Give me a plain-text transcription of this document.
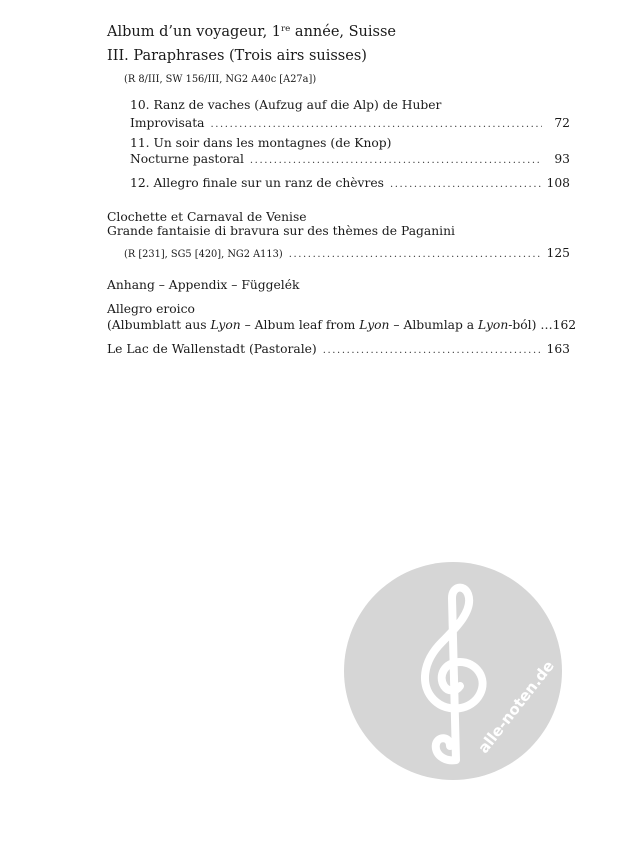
Album d’un voyageur, 1re année, Suisse
III. Paraphrases (Trois airs suisses)
(R 8/III, SW 156/III, NG2 A40c [A27a])
10. Ranz de vaches (Aufzug auf die Alp) de Huber
Improvisata .....	72
11. Un soir dans les montagnes (de Knop)
Nocturne pastoral .....	93
12. Allegro finale sur un ranz de chèvres .....	108
Clochette et Carnaval de Venise
Grande fantaisie di bravura sur des thèmes de Paganini
(R [231], SG5 [420], NG2 A113) .....	125
Anhang – Appendix – Függelék
Allegro eroico
(Albumblatt aus Lyon – Album leaf from Lyon – Albumlap a Lyon-ból) … 162
Le Lac de Wallenstadt (Pastorale) .....	163
alle-noten.de
